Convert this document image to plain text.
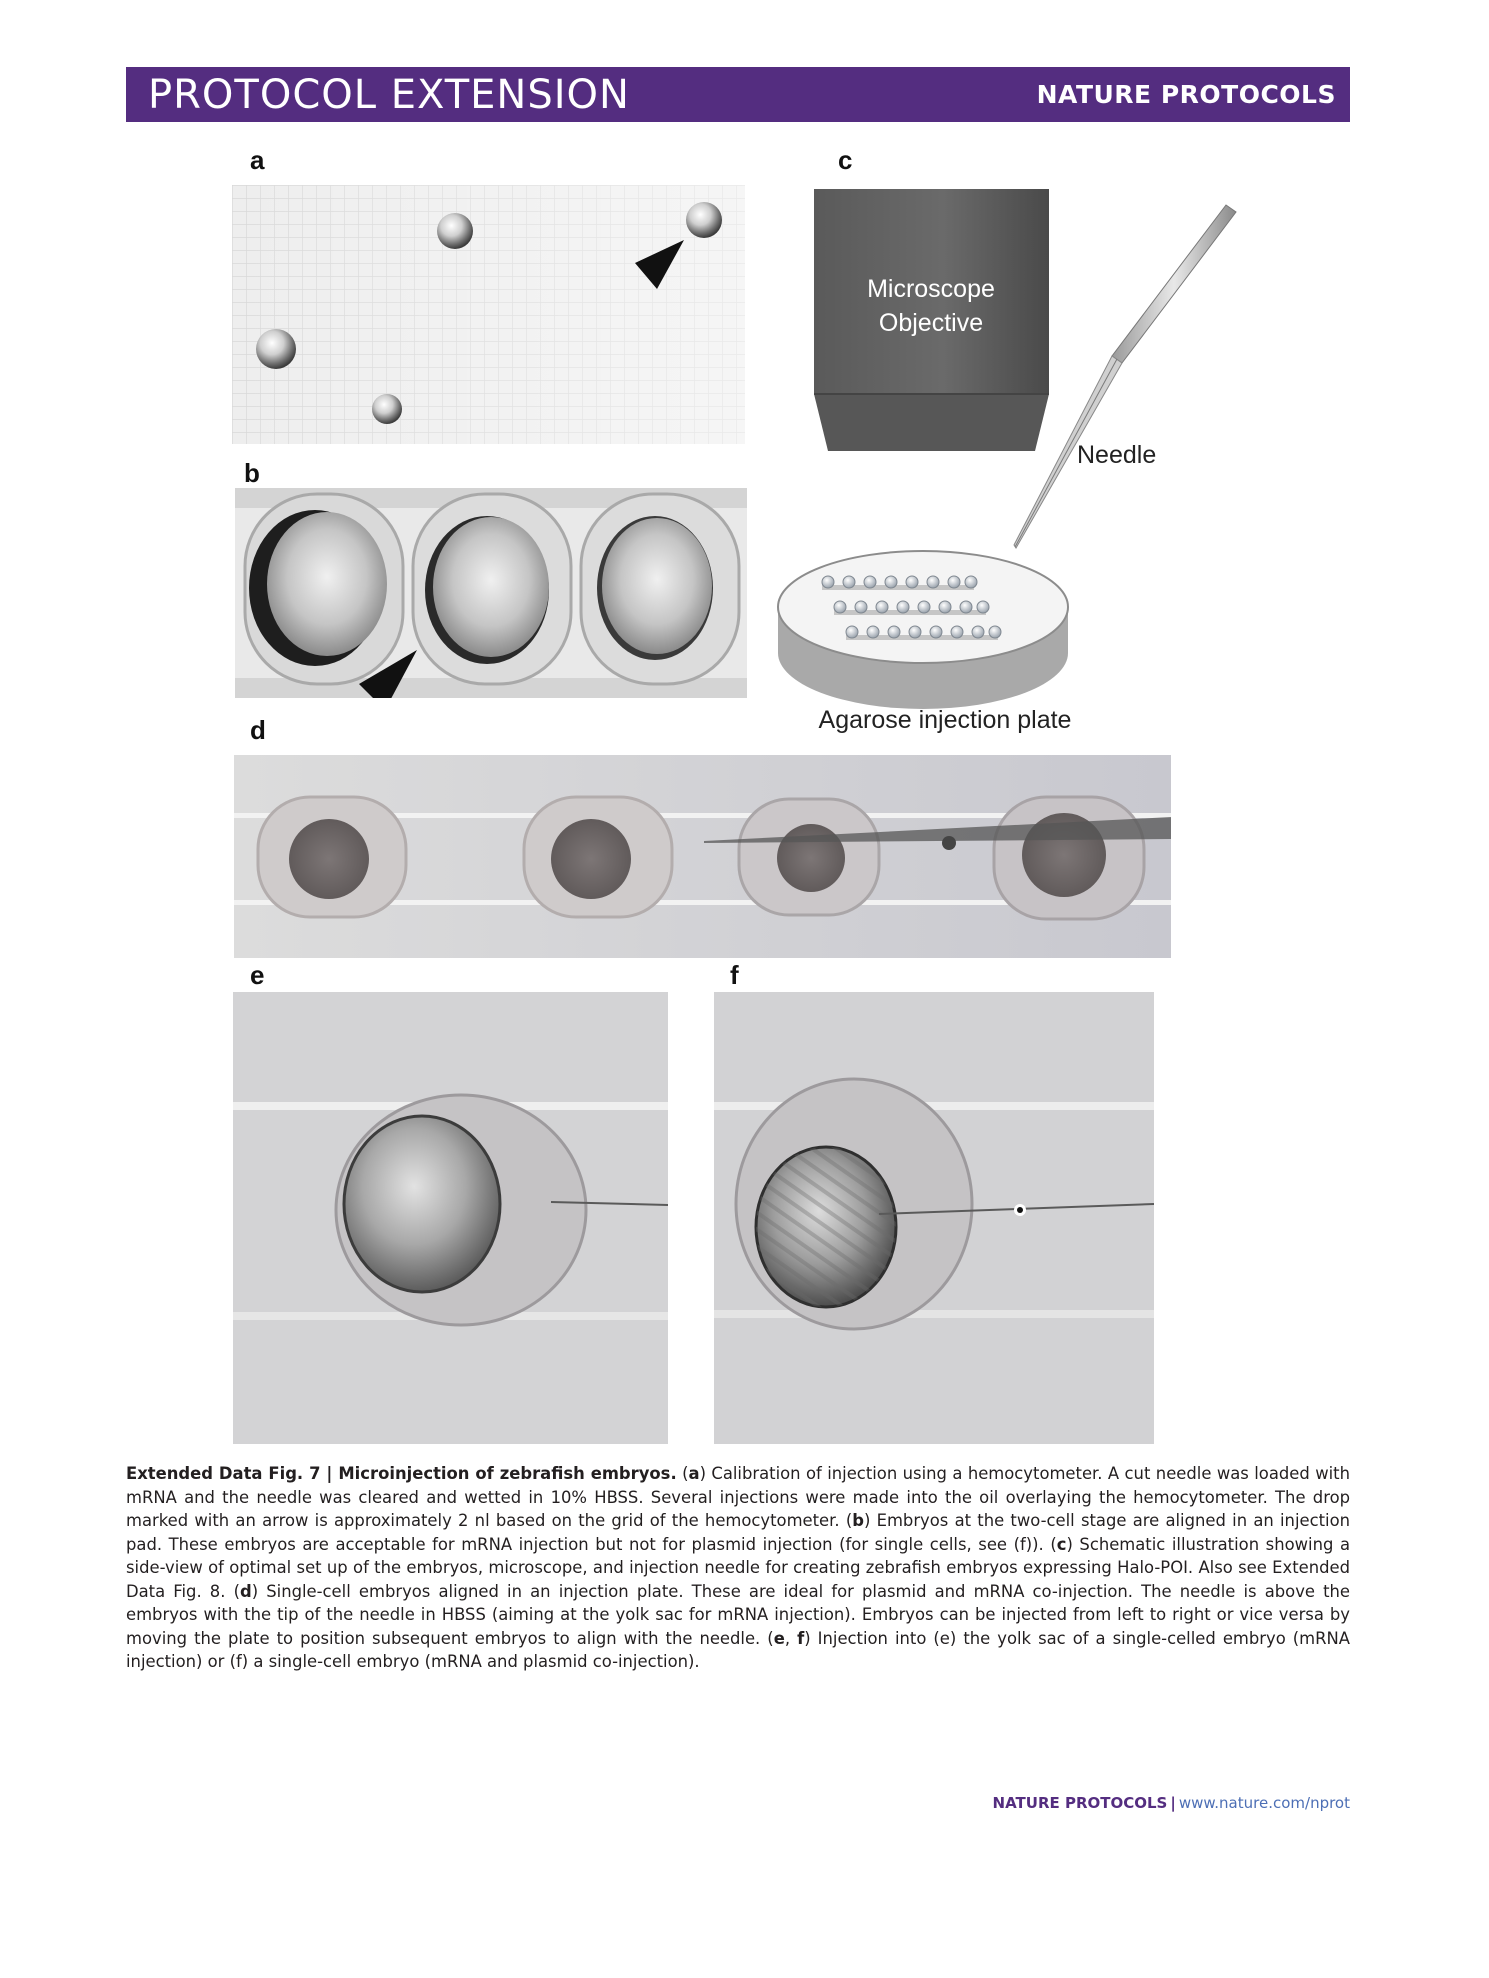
PROTOCOL EXTENSION	NATURE PROTOCOLS
a	c
b
d
e	f
Microscope
Objective
Needle
Agarose injection plate

Extended Data Fig. 7 | Microinjection of zebrafish embryos. (a) Calibration of injection using a hemocytometer. A cut needle was loaded with mRNA and the needle was cleared and wetted in 10% HBSS. Several injections were made into the oil overlaying the hemocytometer. The drop marked with an arrow is approximately 2 nl based on the grid of the hemocytometer. (b) Embryos at the two-cell stage are aligned in an injection pad. These embryos are acceptable for mRNA injection but not for plasmid injection (for single cells, see (f)). (c) Schematic illustration showing a side-view of optimal set up of the embryos, microscope, and injection needle for creating zebrafish embryos expressing Halo-POI. Also see Extended Data Fig. 8. (d) Single-cell embryos aligned in an injection plate. These are ideal for plasmid and mRNA co-injection. The needle is above the embryos with the tip of the needle in HBSS (aiming at the yolk sac for mRNA injection). Embryos can be injected from left to right or vice versa by moving the plate to position subsequent embryos to align with the needle. (e, f) Injection into (e) the yolk sac of a single-celled embryo (mRNA injection) or (f) a single-cell embryo (mRNA and plasmid co-injection).

NATURE PROTOCOLS | www.nature.com/nprot
